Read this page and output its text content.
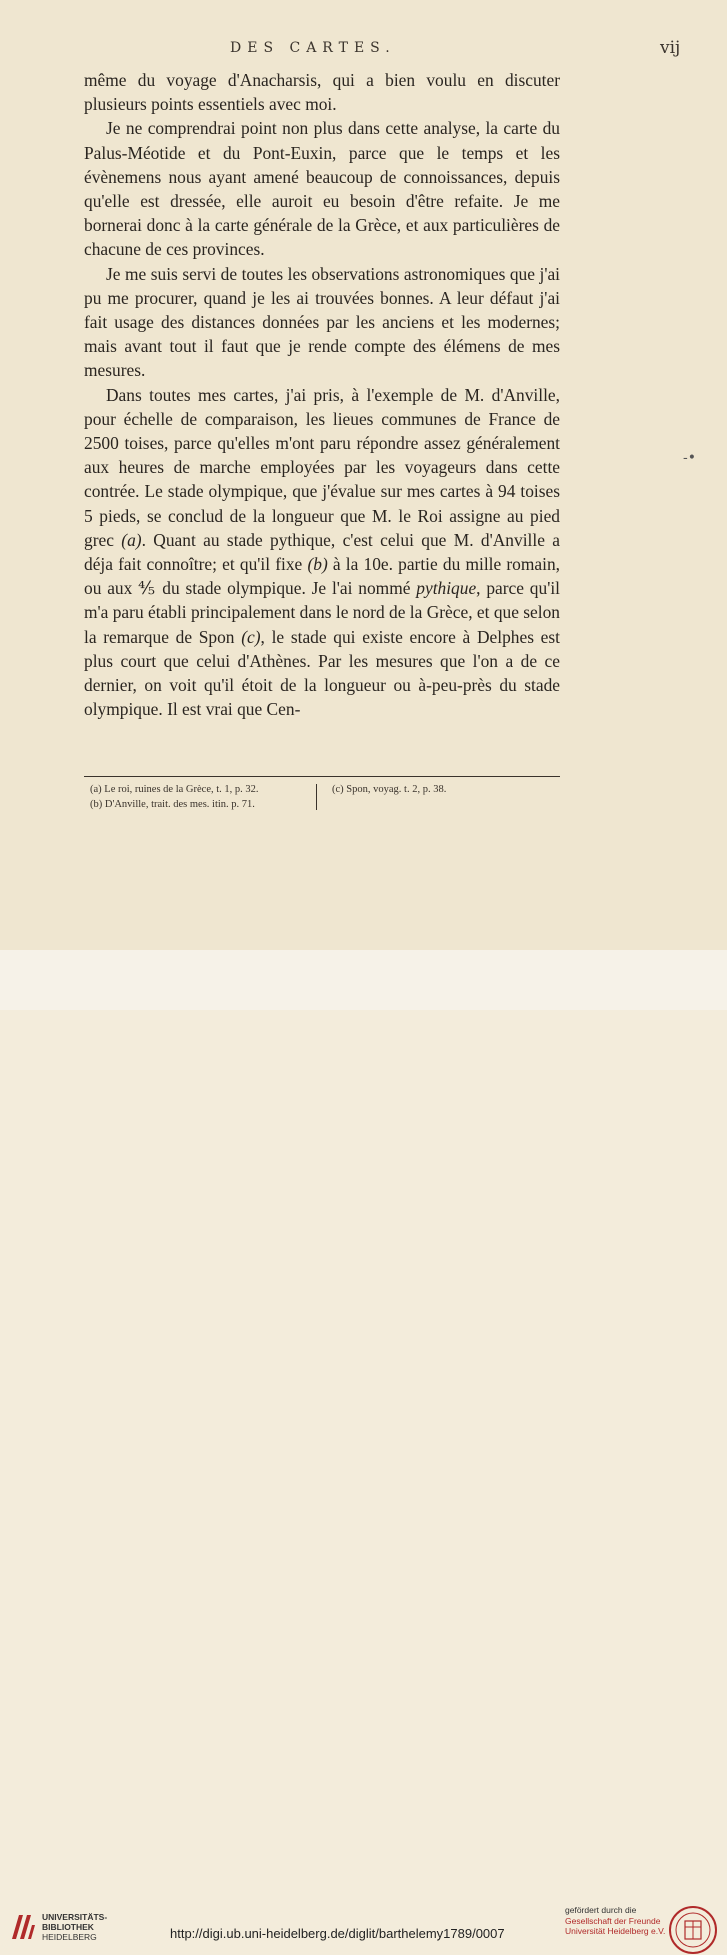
DES CARTES.	vij

même du voyage d'Anacharsis, qui a bien voulu en discuter plusieurs points essentiels avec moi.

Je ne comprendrai point non plus dans cette analyse, la carte du Palus-Méotide et du Pont-Euxin, parce que le temps et les évènemens nous ayant amené beaucoup de connoissances, depuis qu'elle est dressée, elle auroit eu besoin d'être refaite. Je me bornerai donc à la carte générale de la Grèce, et aux particulières de chacune de ces provinces.

Je me suis servi de toutes les observations astronomiques que j'ai pu me procurer, quand je les ai trouvées bonnes. A leur défaut j'ai fait usage des distances données par les anciens et les modernes; mais avant tout il faut que je rende compte des élémens de mes mesures.

Dans toutes mes cartes, j'ai pris, à l'exemple de M. d'Anville, pour échelle de comparaison, les lieues communes de France de 2500 toises, parce qu'elles m'ont paru répondre assez généralement aux heures de marche employées par les voyageurs dans cette contrée. Le stade olympique, que j'évalue sur mes cartes à 94 toises 5 pieds, se conclud de la longueur que M. le Roi assigne au pied grec (a). Quant au stade pythique, c'est celui que M. d'Anville a déja fait connoître; et qu'il fixe (b) à la 10e. partie du mille romain, ou aux ⅘ du stade olympique. Je l'ai nommé pythique, parce qu'il m'a paru établi principalement dans le nord de la Grèce, et que selon la remarque de Spon (c), le stade qui existe encore à Delphes est plus court que celui d'Athènes. Par les mesures que l'on a de ce dernier, on voit qu'il étoit de la longueur ou à-peu-près du stade olympique. Il est vrai que Cen-

(a) Le roi, ruines de la Grèce, t. 1, p. 32.
(b) D'Anville, trait. des mes. itin. p. 71.
(c) Spon, voyag. t. 2, p. 38.
-•
UNIVERSITÄTS-
BIBLIOTHEK
HEIDELBERG	http://digi.ub.uni-heidelberg.de/diglit/barthelemy1789/0007
gefördert durch die
Gesellschaft der Freunde
Universität Heidelberg e.V.
